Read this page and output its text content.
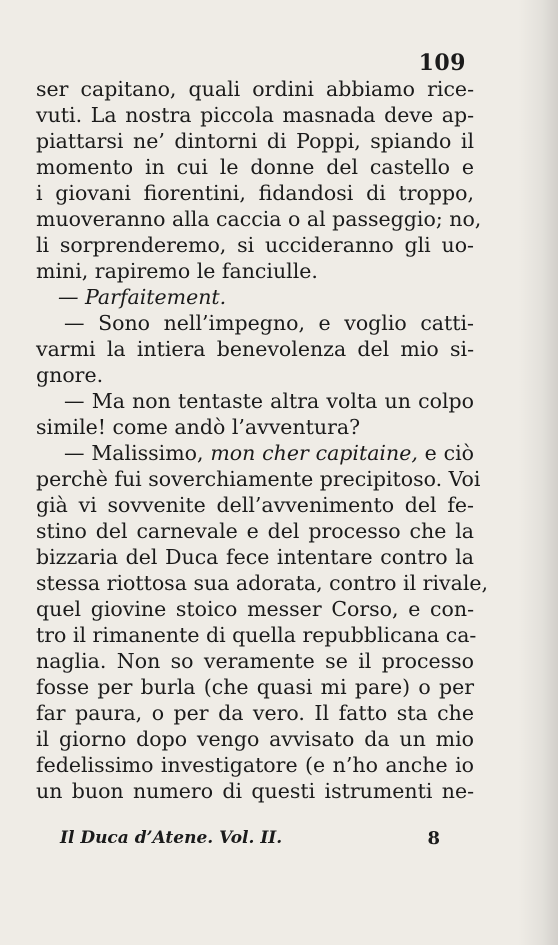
109
ser capitano, quali ordini abbiamo rice-
vuti. La nostra piccola masnada deve ap-
piattarsi ne’ dintorni di Poppi, spiando il
momento in cui le donne del castello e
i giovani fiorentini, fidandosi di troppo,
muoveranno alla caccia o al passeggio; no,
li sorprenderemo, si uccideranno gli uo-
mini, rapiremo le fanciulle.
— Parfaitement.
— Sono nell’impegno, e voglio catti-
varmi la intiera benevolenza del mio si-
gnore.
— Ma non tentaste altra volta un colpo
simile! come andò l’avventura?
— Malissimo, mon cher capitaine, e ciò
perchè fui soverchiamente precipitoso. Voi
già vi sovvenite dell’avvenimento del fe-
stino del carnevale e del processo che la
bizzaria del Duca fece intentare contro la
stessa riottosa sua adorata, contro il rivale,
quel giovine stoico messer Corso, e con-
tro il rimanente di quella repubblicana ca-
naglia. Non so veramente se il processo
fosse per burla (che quasi mi pare) o per
far paura, o per da vero. Il fatto sta che
il giorno dopo vengo avvisato da un mio
fedelissimo investigatore (e n’ho anche io
un buon numero di questi istrumenti ne-
Il Duca d’Atene. Vol. II.	8
